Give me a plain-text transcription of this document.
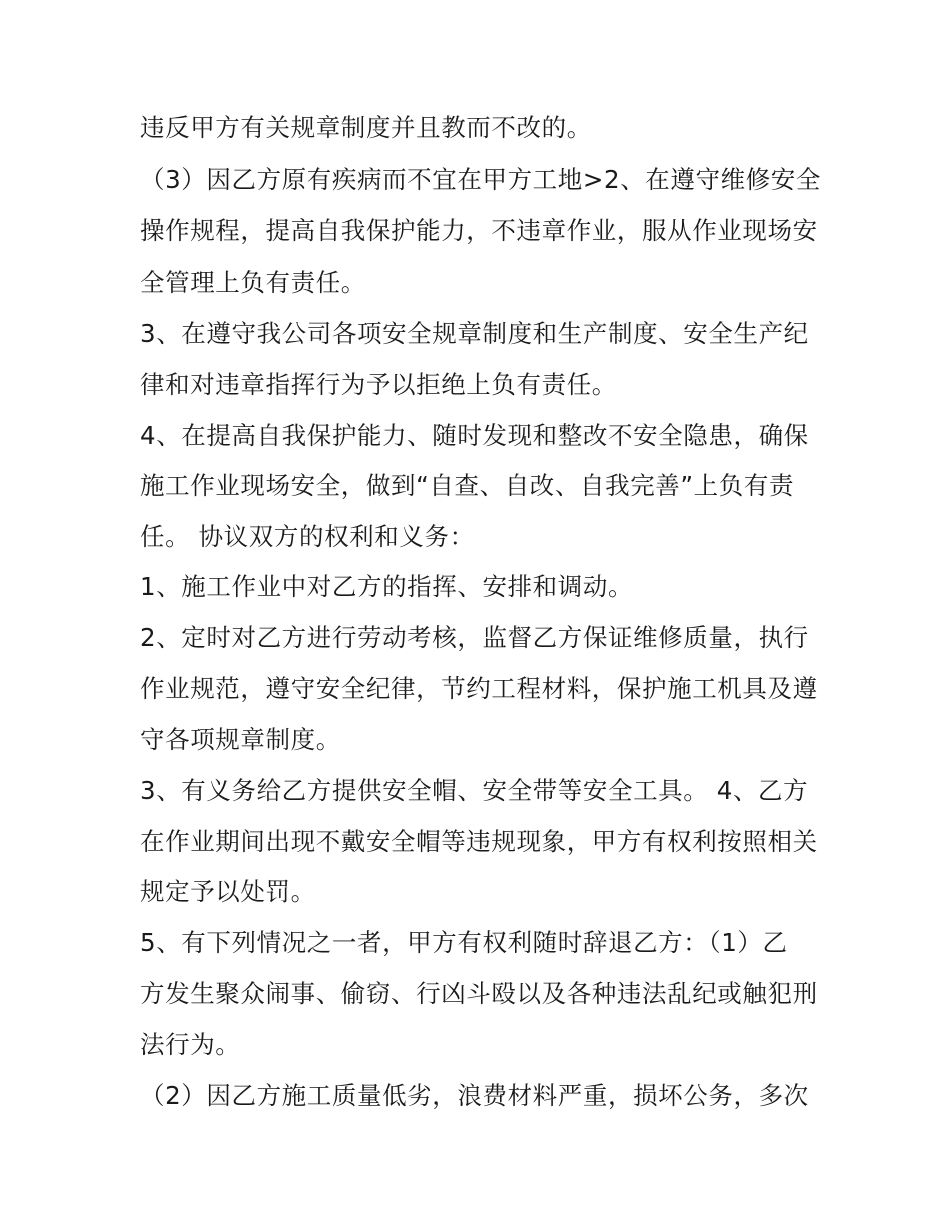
违反甲方有关规章制度并且教而不改的。

（3）因乙方原有疾病而不宜在甲方工地>2、在遵守维修安全

操作规程，提高自我保护能力，不违章作业，服从作业现场安

全管理上负有责任。

3、在遵守我公司各项安全规章制度和生产制度、安全生产纪

律和对违章指挥行为予以拒绝上负有责任。

4、在提高自我保护能力、随时发现和整改不安全隐患，确保

施工作业现场安全，做到“自查、自改、自我完善”上负有责

任。 协议双方的权利和义务：

1、施工作业中对乙方的指挥、安排和调动。

2、定时对乙方进行劳动考核，监督乙方保证维修质量，执行

作业规范，遵守安全纪律，节约工程材料，保护施工机具及遵

守各项规章制度。

3、有义务给乙方提供安全帽、安全带等安全工具。 4、乙方

在作业期间出现不戴安全帽等违规现象，甲方有权利按照相关

规定予以处罚。

5、有下列情况之一者，甲方有权利随时辞退乙方：（1）乙

方发生聚众闹事、偷窃、行凶斗殴以及各种违法乱纪或触犯刑

法行为。

（2）因乙方施工质量低劣，浪费材料严重，损坏公务，多次
